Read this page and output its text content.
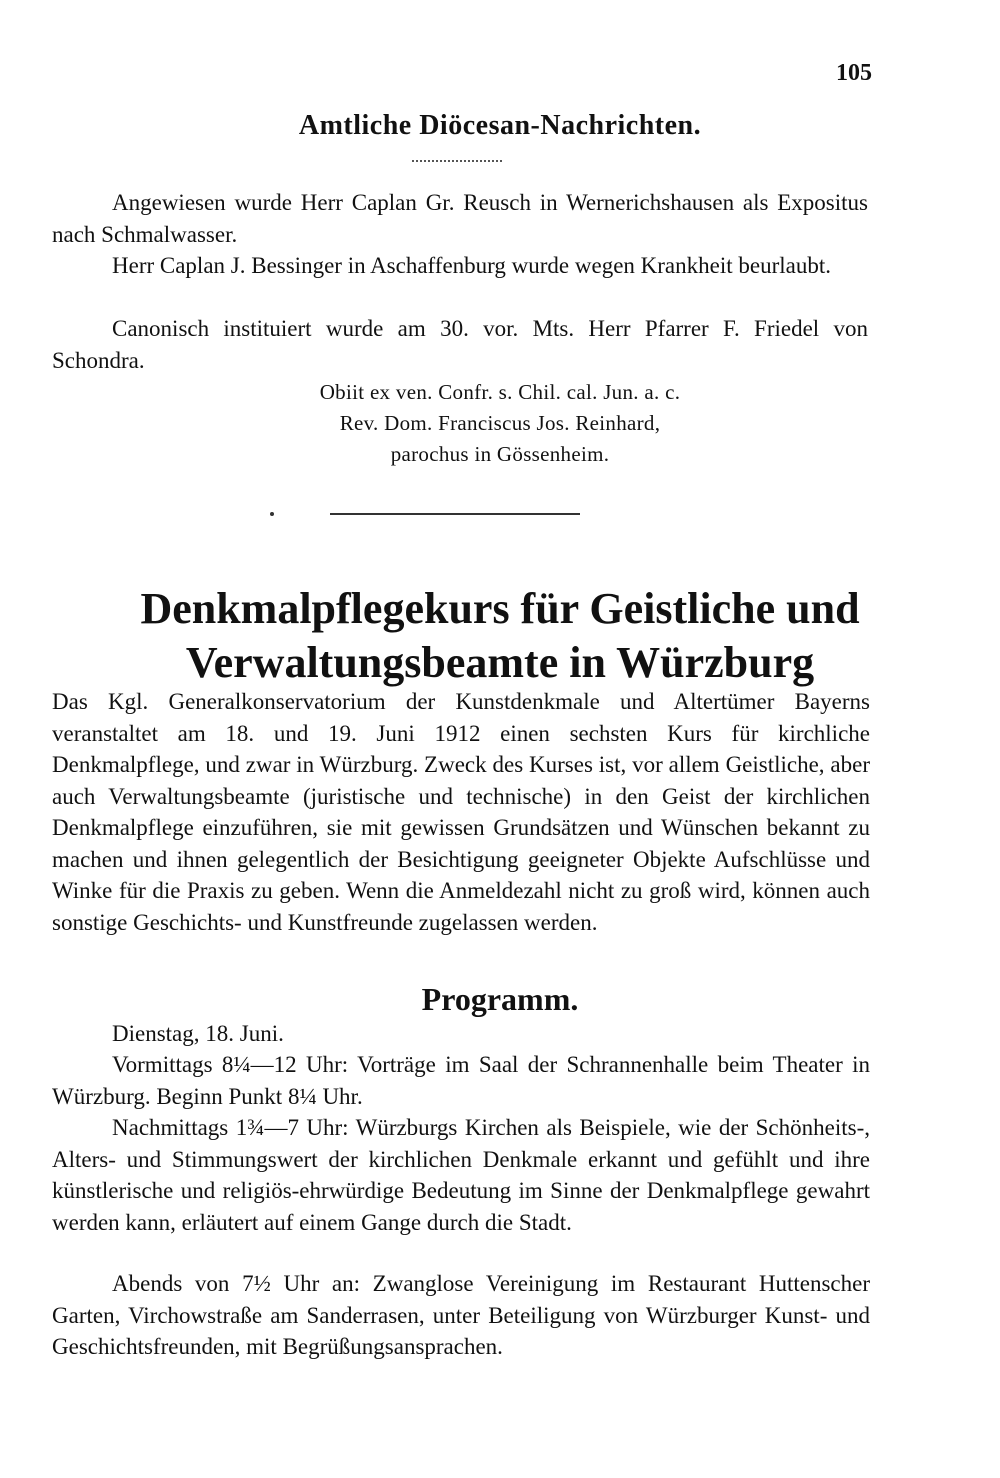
105
Amtliche Diöcesan-Nachrichten.

Angewiesen wurde Herr Caplan Gr. Reusch in Wernerichshausen als Expositus nach Schmalwasser.

Herr Caplan J. Bessinger in Aschaffenburg wurde wegen Krankheit beurlaubt.

Canonisch instituiert wurde am 30. vor. Mts. Herr Pfarrer F. Friedel von Schondra.

Obiit ex ven. Confr. s. Chil. cal. Jun. a. c.
Rev. Dom. Franciscus Jos. Reinhard,
parochus in Gössenheim.
Denkmalpflegekurs für Geistliche und
Verwaltungsbeamte in Würzburg

Das Kgl. Generalkonservatorium der Kunstdenkmale und Altertümer Bayerns veranstaltet am 18. und 19. Juni 1912 einen sechsten Kurs für kirchliche Denkmalpflege, und zwar in Würzburg. Zweck des Kurses ist, vor allem Geistliche, aber auch Verwaltungsbeamte (juristische und technische) in den Geist der kirchlichen Denkmalpflege einzuführen, sie mit gewissen Grundsätzen und Wünschen bekannt zu machen und ihnen gelegentlich der Besichtigung geeigneter Objekte Aufschlüsse und Winke für die Praxis zu geben. Wenn die Anmeldezahl nicht zu groß wird, können auch sonstige Geschichts- und Kunstfreunde zugelassen werden.

Programm.

Dienstag, 18. Juni.

Vormittags 8¼—12 Uhr: Vorträge im Saal der Schrannenhalle beim Theater in Würzburg. Beginn Punkt 8¼ Uhr.

Nachmittags 1¾—7 Uhr: Würzburgs Kirchen als Beispiele, wie der Schönheits-, Alters- und Stimmungswert der kirchlichen Denkmale erkannt und gefühlt und ihre künstlerische und religiös-ehrwürdige Bedeutung im Sinne der Denkmalpflege gewahrt werden kann, erläutert auf einem Gange durch die Stadt.

Abends von 7½ Uhr an: Zwanglose Vereinigung im Restaurant Huttenscher Garten, Virchowstraße am Sanderrasen, unter Beteiligung von Würzburger Kunst- und Geschichtsfreunden, mit Begrüßungsansprachen.
